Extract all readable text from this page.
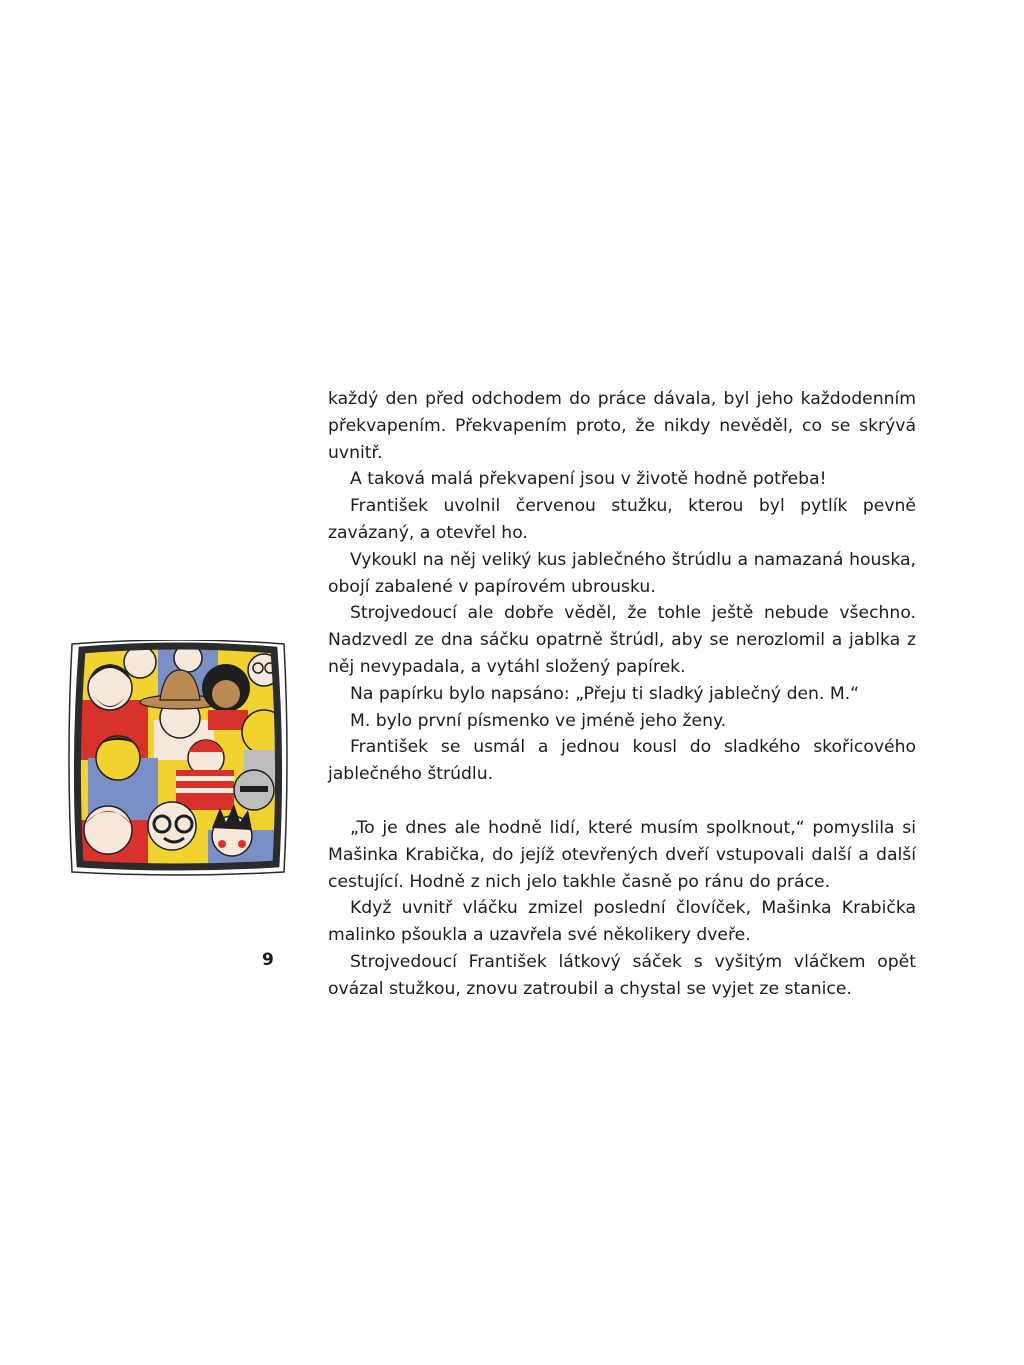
každý den před odchodem do práce dávala, byl jeho každodenním překvapením. Překvapením proto, že nikdy nevěděl, co se skrývá uvnitř.

A taková malá překvapení jsou v životě hodně potřeba!

František uvolnil červenou stužku, kterou byl pytlík pevně zavázaný, a otevřel ho.

Vykoukl na něj veliký kus jablečného štrúdlu a namazaná houska, obojí zabalené v papírovém ubrousku.

Strojvedoucí ale dobře věděl, že tohle ještě nebude všechno. Nadzvedl ze dna sáčku opatrně štrúdl, aby se nerozlomil a jablka z něj nevypadala, a vytáhl složený papírek.

Na papírku bylo napsáno: „Přeju ti sladký jablečný den. M.“

M. bylo první písmenko ve jméně jeho ženy.

František se usmál a jednou kousl do sladkého skořicového jablečného štrúdlu.

„To je dnes ale hodně lidí, které musím spolknout,“ pomyslila si Mašinka Krabička, do jejíž otevřených dveří vstupovali další a další cestující. Hodně z nich jelo takhle časně po ránu do práce.

Když uvnitř vláčku zmizel poslední človíček, Mašinka Krabička malinko pšoukla a uzavřela své několikery dveře.

Strojvedoucí František látkový sáček s vyšitým vláčkem opět ovázal stužkou, znovu zatroubil a chystal se vyjet ze stanice.

9
